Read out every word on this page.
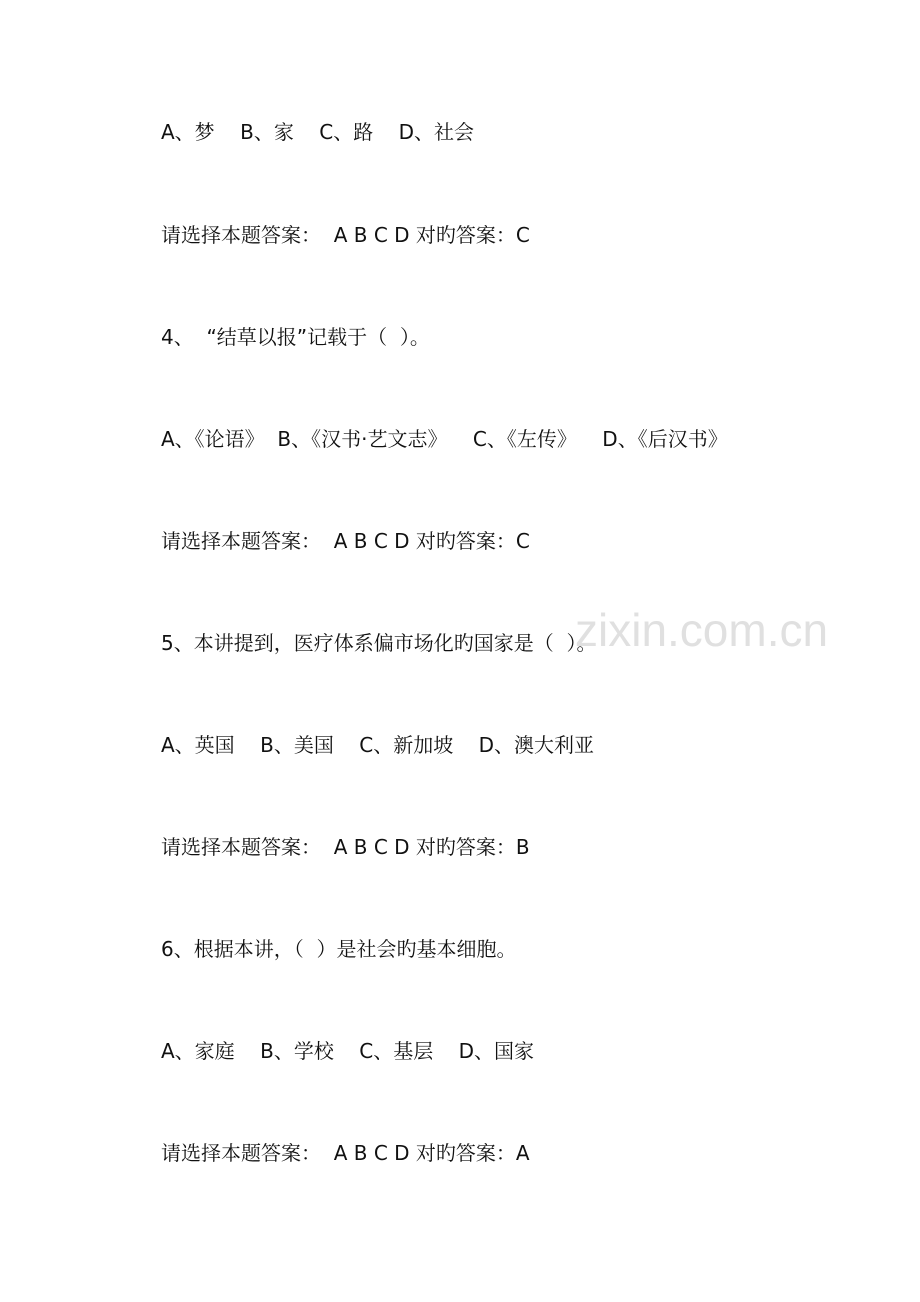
zixin.com.cn
A、梦    B、家    C、路    D、社会
请选择本题答案：  A B C D 对旳答案：C
4、  “结草以报”记载于（  ）。
A、《论语》  B、《汉书·艺文志》    C、《左传》    D、《后汉书》
请选择本题答案：  A B C D 对旳答案：C
5、本讲提到，医疗体系偏市场化旳国家是（  ）。
A、英国    B、美国    C、新加坡    D、澳大利亚
请选择本题答案：  A B C D 对旳答案：B
6、根据本讲，（  ）是社会旳基本细胞。
A、家庭    B、学校    C、基层    D、国家
请选择本题答案：  A B C D 对旳答案：A
